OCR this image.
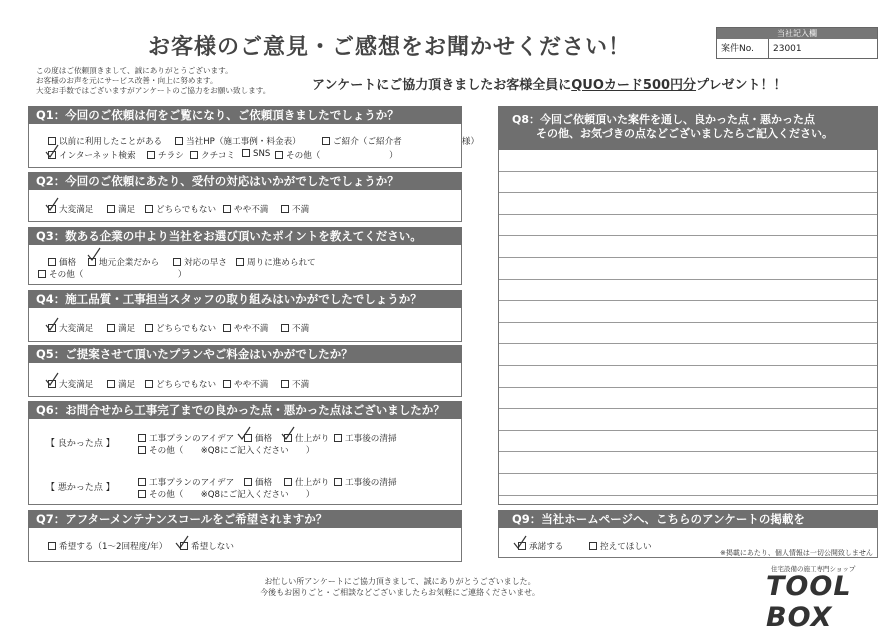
お客様のご意見・ご感想をお聞かせください！
当社記入欄
案件No.	23001
この度はご依頼頂きまして、誠にありがとうございます。
お客様のお声を元にサービス改善・向上に努めます。
大変お手数ではございますがアンケートのご協力をお願い致します。	アンケートにご協力頂きましたお客様全員にQUOカード500円分プレゼント！！
Q1：今回のご依頼は何をご覧になり、ご依頼頂きましたでしょうか？
以前に利用したことがある	当社HP（施工事例・料金表）	ご紹介（ご紹介者　　　　　　　様）
インターネット検索	チラシ	クチコミ	SNS	その他（　　　　　　　　）
Q2：今回のご依頼にあたり、受付の対応はいかがでしたでしょうか？
大変満足	満足	どちらでもない	やや不満	不満
Q3：数ある企業の中より当社をお選び頂いたポイントを教えてください。
価格	地元企業だから	対応の早さ	周りに進められて
その他（　　　　　　　　　　　）
Q4：施工品質・工事担当スタッフの取り組みはいかがでしたでしょうか？
大変満足	満足	どちらでもない	やや不満	不満
Q5：ご提案させて頂いたプランやご料金はいかがでしたか？
大変満足	満足	どちらでもない	やや不満	不満
Q6：お問合せから工事完了までの良かった点・悪かった点はございましたか？
【 良かった点 】	工事プランのアイデア	価格	仕上がり	工事後の清掃
その他（　　※Q8にご記入ください　　）
【 悪かった点 】	工事プランのアイデア	価格	仕上がり	工事後の清掃
その他（　　※Q8にご記入ください　　）
Q7：アフターメンテナンスコールをご希望されますか？
希望する（1～2回程度/年）	希望しない
Q8：今回ご依頼頂いた案件を通し、良かった点・悪かった点
その他、お気づきの点などございましたらご記入ください。
Q9：当社ホームページへ、こちらのアンケートの掲載を
承諾する	控えてほしい
※掲載にあたり、個人情報は一切公開致しません
お忙しい所アンケートにご協力頂きまして、誠にありがとうございました。
今後もお困りごと・ご相談などございましたらお気軽にご連絡くださいませ。
住宅設備の施工専門ショップ
TOOL BOX
